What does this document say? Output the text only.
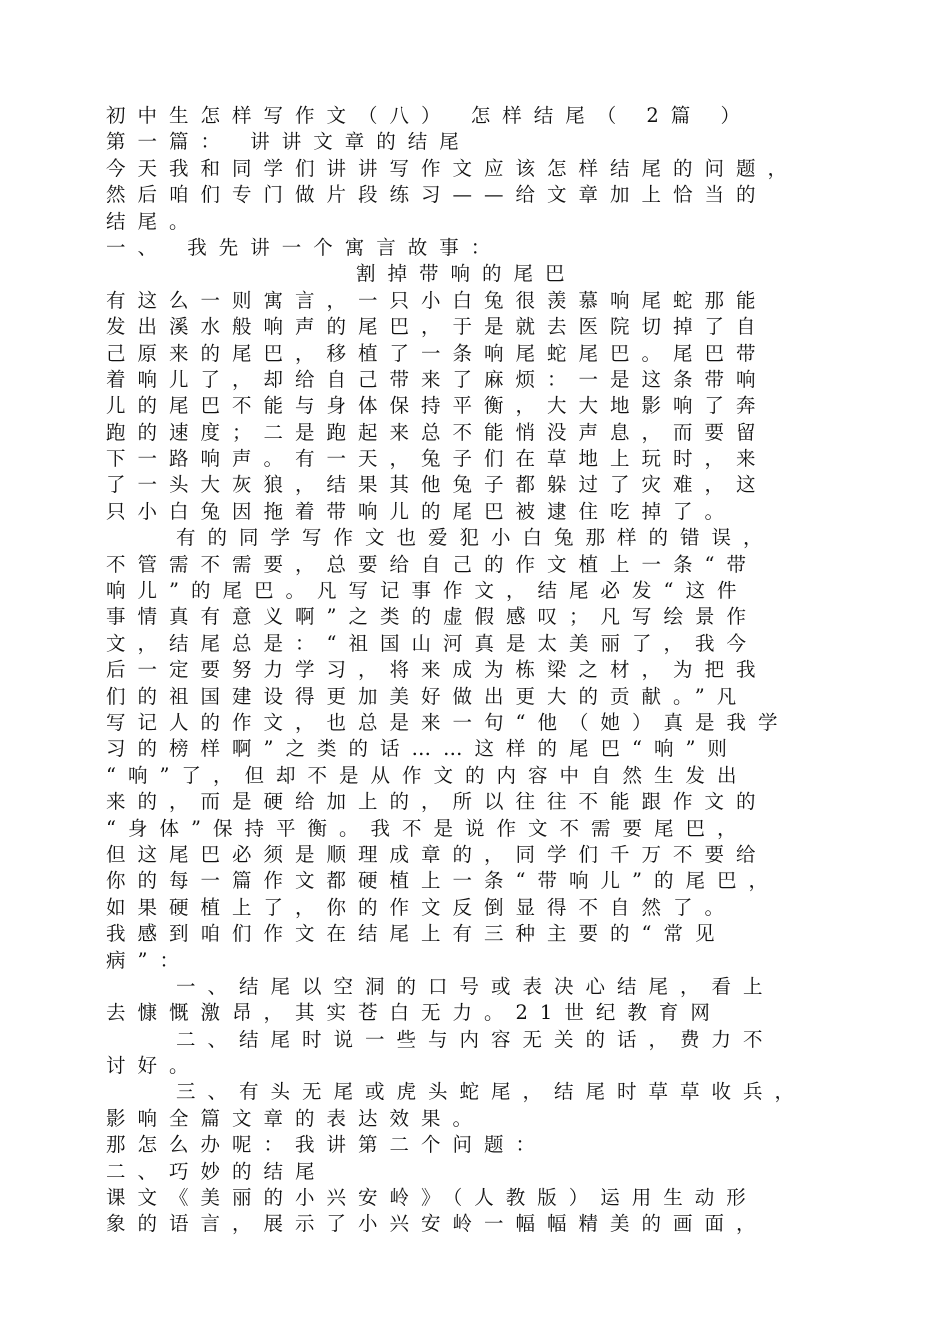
初中生怎样写作文（八） 怎样结尾（ 2篇 ）
第一篇： 讲讲文章的结尾
今天我和同学们讲讲写作文应该怎样结尾的问题，
然后咱们专门做片段练习——给文章加上恰当的
结尾。
一、 我先讲一个寓言故事：
割掉带响的尾巴
有这么一则寓言，一只小白兔很羡慕响尾蛇那能
发出溪水般响声的尾巴，于是就去医院切掉了自
己原来的尾巴，移植了一条响尾蛇尾巴。尾巴带
着响儿了，却给自己带来了麻烦：一是这条带响
儿的尾巴不能与身体保持平衡，大大地影响了奔
跑的速度；二是跑起来总不能悄没声息，而要留
下一路响声。有一天，兔子们在草地上玩时，来
了一头大灰狼，结果其他兔子都躲过了灾难，这
只小白兔因拖着带响儿的尾巴被逮住吃掉了。
有的同学写作文也爱犯小白兔那样的错误，
不管需不需要，总要给自己的作文植上一条“带
响儿”的尾巴。凡写记事作文，结尾必发“这件
事情真有意义啊”之类的虚假感叹；凡写绘景作
文，结尾总是：“祖国山河真是太美丽了，我今
后一定要努力学习，将来成为栋梁之材，为把我
们的祖国建设得更加美好做出更大的贡献。”凡
写记人的作文，也总是来一句“他（她）真是我学
习的榜样啊”之类的话……这样的尾巴“响”则
“响”了，但却不是从作文的内容中自然生发出
来的，而是硬给加上的，所以往往不能跟作文的
“身体”保持平衡。我不是说作文不需要尾巴，
但这尾巴必须是顺理成章的，同学们千万不要给
你的每一篇作文都硬植上一条“带响儿”的尾巴，
如果硬植上了，你的作文反倒显得不自然了。
我感到咱们作文在结尾上有三种主要的“常见
病”：
一、结尾以空洞的口号或表决心结尾，看上
去慷慨激昂，其实苍白无力。21世纪教育网
二、结尾时说一些与内容无关的话，费力不
讨好。
三、有头无尾或虎头蛇尾，结尾时草草收兵，
影响全篇文章的表达效果。
那怎么办呢：我讲第二个问题：
二、巧妙的结尾
课文《美丽的小兴安岭》（人教版）运用生动形
象的语言，展示了小兴安岭一幅幅精美的画面，
